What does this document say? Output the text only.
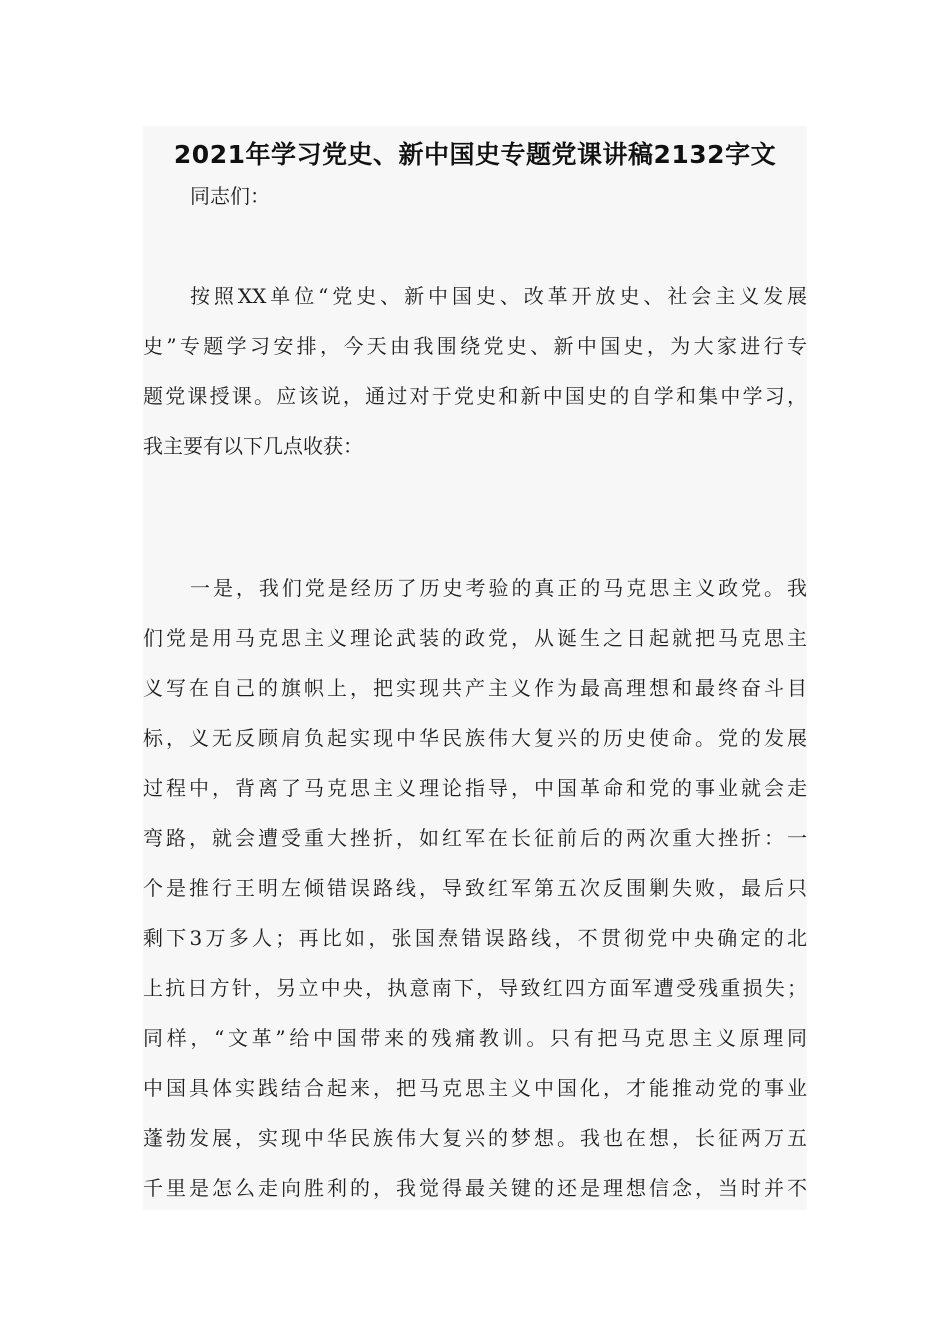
2021年学习党史、新中国史专题党课讲稿2132字文
同志们：
按照XX单位“党史、新中国史、改革开放史、社会主义发展
史”专题学习安排，今天由我围绕党史、新中国史，为大家进行专
题党课授课。应该说，通过对于党史和新中国史的自学和集中学习，
我主要有以下几点收获：
一是，我们党是经历了历史考验的真正的马克思主义政党。我
们党是用马克思主义理论武装的政党，从诞生之日起就把马克思主
义写在自己的旗帜上，把实现共产主义作为最高理想和最终奋斗目
标，义无反顾肩负起实现中华民族伟大复兴的历史使命。党的发展
过程中，背离了马克思主义理论指导，中国革命和党的事业就会走
弯路，就会遭受重大挫折，如红军在长征前后的两次重大挫折：一
个是推行王明左倾错误路线，导致红军第五次反围剿失败，最后只
剩下3万多人；再比如，张国焘错误路线，不贯彻党中央确定的北
上抗日方针，另立中央，执意南下，导致红四方面军遭受残重损失；
同样，“文革”给中国带来的残痛教训。只有把马克思主义原理同
中国具体实践结合起来，把马克思主义中国化，才能推动党的事业
蓬勃发展，实现中华民族伟大复兴的梦想。我也在想，长征两万五
千里是怎么走向胜利的，我觉得最关键的还是理想信念，当时并不
